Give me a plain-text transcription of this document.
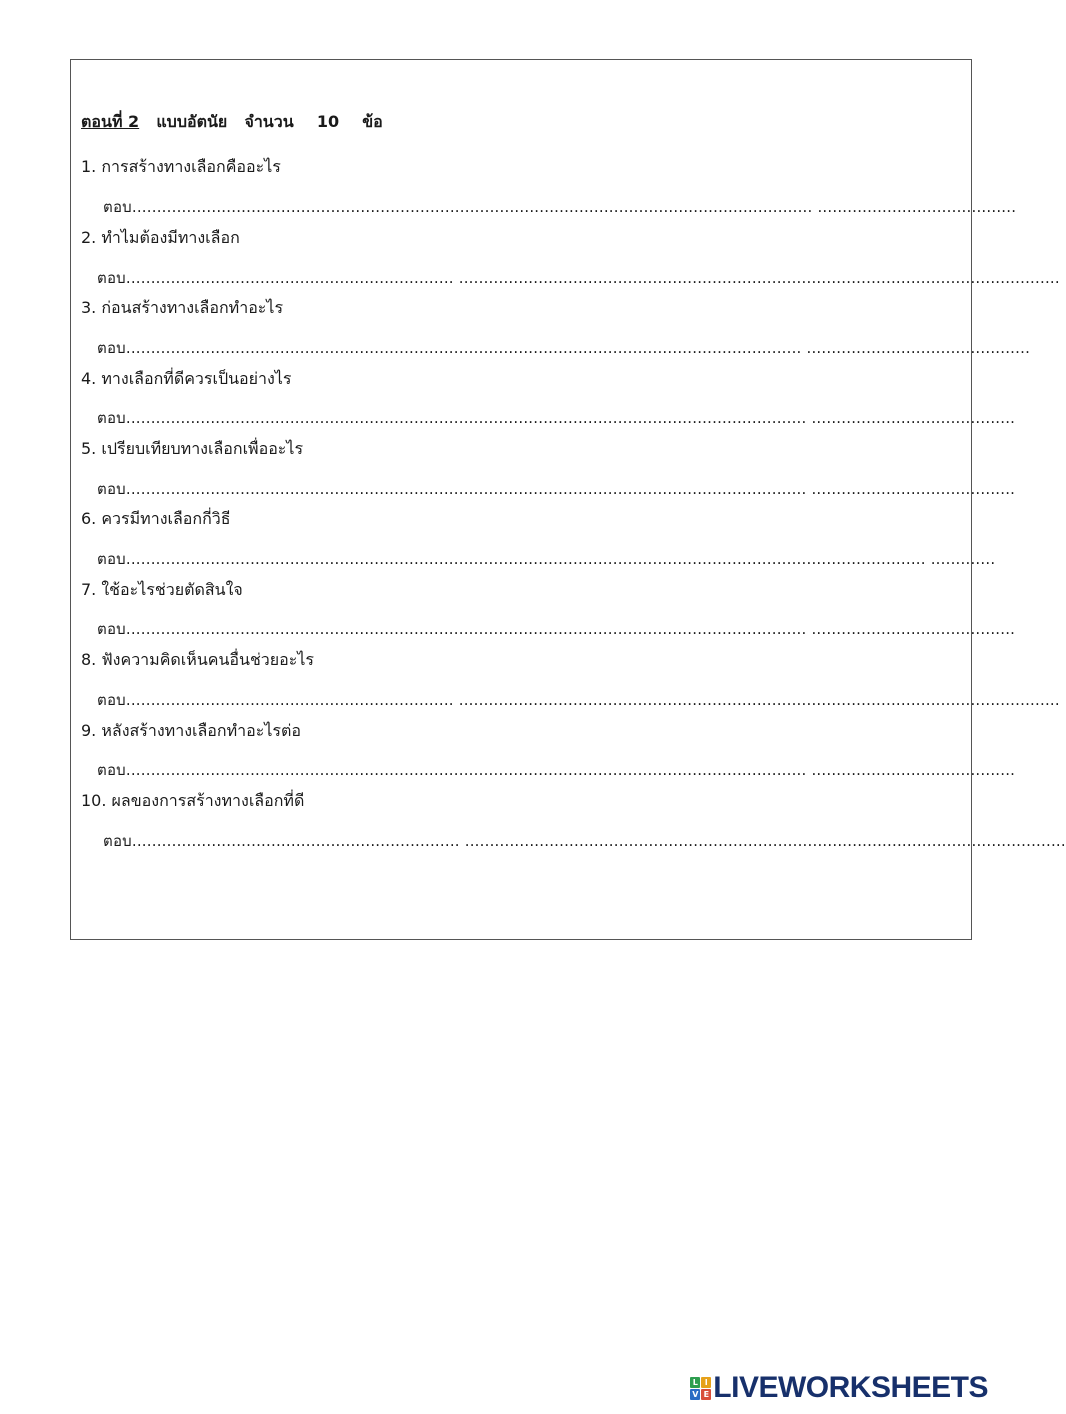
ตอนที่ 2 แบบอัตนัย จำนวน 10 ข้อ
1. การสร้างทางเลือกคืออะไร
ตอบ......................................................................................................................................... ........................................
2. ทำไมต้องมีทางเลือก
ตอบ.................................................................. .........................................................................................................................
3. ก่อนสร้างทางเลือกทำอะไร
ตอบ........................................................................................................................................ .............................................
4. ทางเลือกที่ดีควรเป็นอย่างไร
ตอบ......................................................................................................................................... .........................................
5. เปรียบเทียบทางเลือกเพื่ออะไร
ตอบ......................................................................................................................................... .........................................
6. ควรมีทางเลือกกี่วิธี
ตอบ................................................................................................................................................................. .............
7. ใช้อะไรช่วยตัดสินใจ
ตอบ......................................................................................................................................... .........................................
8. ฟังความคิดเห็นคนอื่นช่วยอะไร
ตอบ.................................................................. .........................................................................................................................
9. หลังสร้างทางเลือกทำอะไรต่อ
ตอบ......................................................................................................................................... .........................................
10. ผลของการสร้างทางเลือกที่ดี
ตอบ.................................................................. .........................................................................................................................
L I
V E LIVEWORKSHEETS
